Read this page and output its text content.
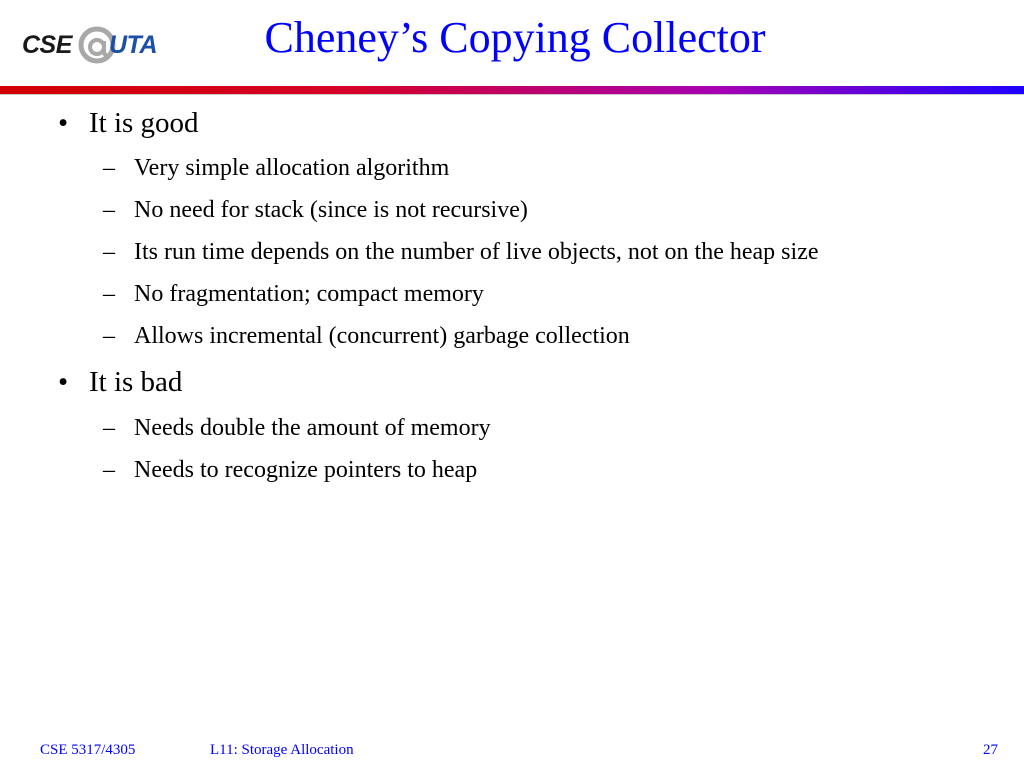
CSE UTA	Cheney’s Copying Collector
• It is good
– Very simple allocation algorithm
– No need for stack (since is not recursive)
– Its run time depends on the number of live objects, not on the heap size
– No fragmentation; compact memory
– Allows incremental (concurrent) garbage collection
• It is bad
– Needs double the amount of memory
– Needs to recognize pointers to heap
CSE 5317/4305	L11: Storage Allocation	27
